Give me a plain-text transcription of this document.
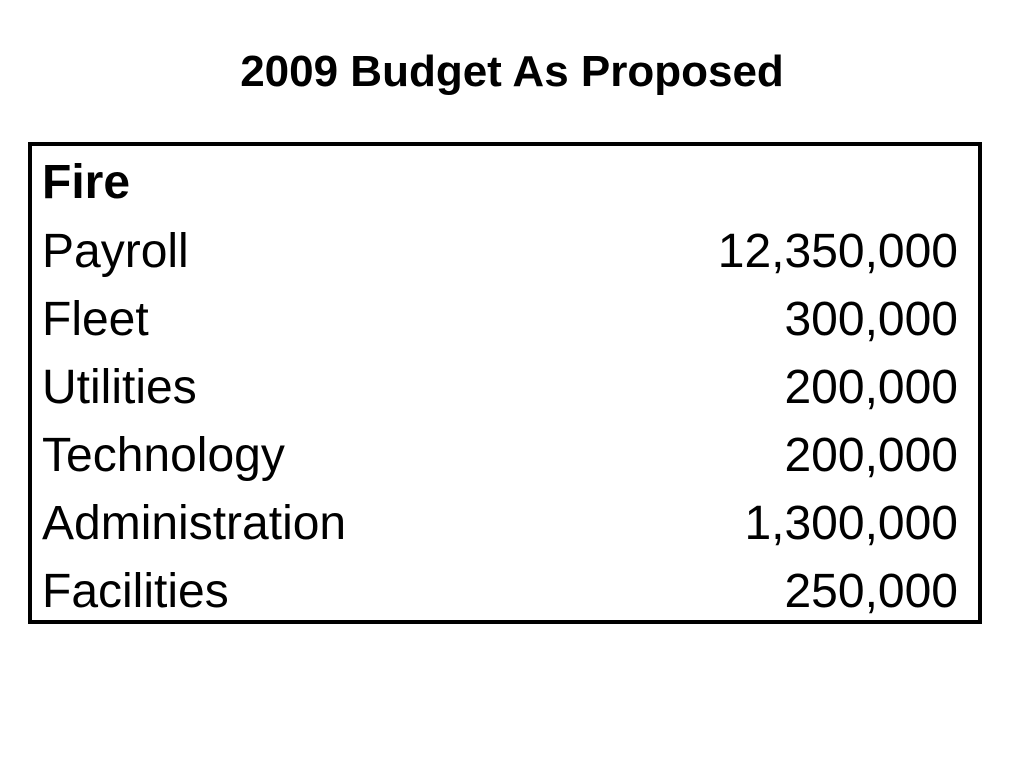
2009 Budget As Proposed
Fire
Payroll	12,350,000
Fleet	300,000
Utilities	200,000
Technology	200,000
Administration	1,300,000
Facilities	250,000
